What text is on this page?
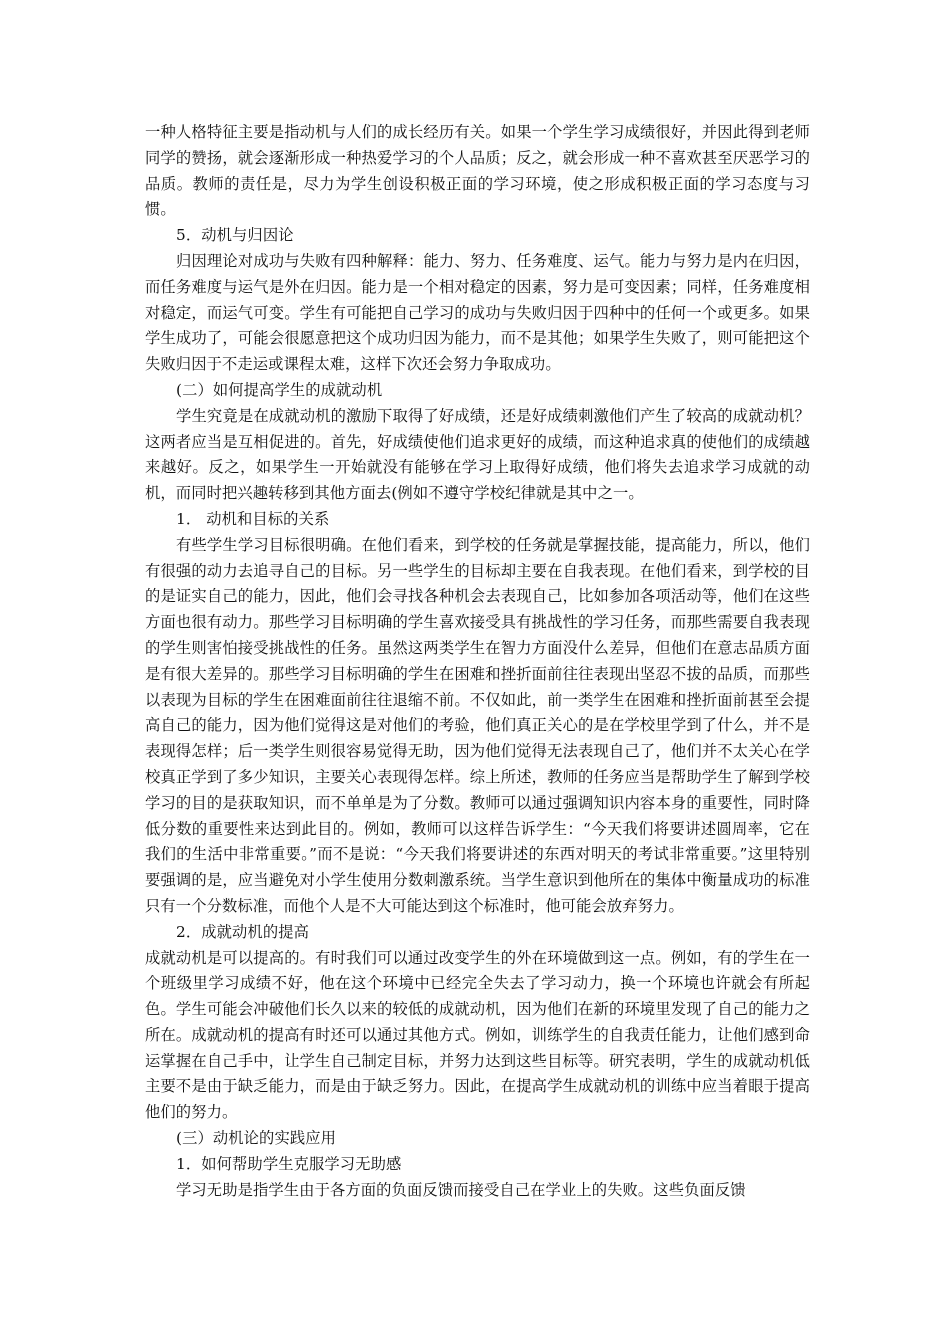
一种人格特征主要是指动机与人们的成长经历有关。如果一个学生学习成绩很好，并因此得到老师同学的赞扬，就会逐渐形成一种热爱学习的个人品质；反之，就会形成一种不喜欢甚至厌恶学习的品质。教师的责任是，尽力为学生创设积极正面的学习环境，使之形成积极正面的学习态度与习惯。

5．动机与归因论

归因理论对成功与失败有四种解释：能力、努力、任务难度、运气。能力与努力是内在归因，而任务难度与运气是外在归因。能力是一个相对稳定的因素，努力是可变因素；同样，任务难度相对稳定，而运气可变。学生有可能把自己学习的成功与失败归因于四种中的任何一个或更多。如果学生成功了，可能会很愿意把这个成功归因为能力，而不是其他；如果学生失败了，则可能把这个失败归因于不走运或课程太难，这样下次还会努力争取成功。

(二）如何提高学生的成就动机

学生究竟是在成就动机的激励下取得了好成绩，还是好成绩刺激他们产生了较高的成就动机？这两者应当是互相促进的。首先，好成绩使他们追求更好的成绩，而这种追求真的使他们的成绩越来越好。反之，如果学生一开始就没有能够在学习上取得好成绩，他们将失去追求学习成就的动机，而同时把兴趣转移到其他方面去(例如不遵守学校纪律就是其中之一。

1． 动机和目标的关系

有些学生学习目标很明确。在他们看来，到学校的任务就是掌握技能，提高能力，所以，他们有很强的动力去追寻自己的目标。另一些学生的目标却主要在自我表现。在他们看来，到学校的目的是证实自己的能力，因此，他们会寻找各种机会去表现自己，比如参加各项活动等，他们在这些方面也很有动力。那些学习目标明确的学生喜欢接受具有挑战性的学习任务，而那些需要自我表现的学生则害怕接受挑战性的任务。虽然这两类学生在智力方面没什么差异，但他们在意志品质方面是有很大差异的。那些学习目标明确的学生在困难和挫折面前往往表现出坚忍不拔的品质，而那些以表现为目标的学生在困难面前往往退缩不前。不仅如此，前一类学生在困难和挫折面前甚至会提高自己的能力，因为他们觉得这是对他们的考验，他们真正关心的是在学校里学到了什么，并不是表现得怎样；后一类学生则很容易觉得无助，因为他们觉得无法表现自己了，他们并不太关心在学校真正学到了多少知识，主要关心表现得怎样。综上所述，教师的任务应当是帮助学生了解到学校学习的目的是获取知识，而不单单是为了分数。教师可以通过强调知识内容本身的重要性，同时降低分数的重要性来达到此目的。例如，教师可以这样告诉学生：“今天我们将要讲述圆周率，它在我们的生活中非常重要。”而不是说：“今天我们将要讲述的东西对明天的考试非常重要。”这里特别要强调的是，应当避免对小学生使用分数刺激系统。当学生意识到他所在的集体中衡量成功的标准只有一个分数标准，而他个人是不大可能达到这个标准时，他可能会放弃努力。

2．成就动机的提高

成就动机是可以提高的。有时我们可以通过改变学生的外在环境做到这一点。例如，有的学生在一个班级里学习成绩不好，他在这个环境中已经完全失去了学习动力，换一个环境也许就会有所起色。学生可能会冲破他们长久以来的较低的成就动机，因为他们在新的环境里发现了自己的能力之所在。成就动机的提高有时还可以通过其他方式。例如，训练学生的自我责任能力，让他们感到命运掌握在自己手中，让学生自己制定目标，并努力达到这些目标等。研究表明，学生的成就动机低主要不是由于缺乏能力，而是由于缺乏努力。因此，在提高学生成就动机的训练中应当着眼于提高他们的努力。

(三）动机论的实践应用

1．如何帮助学生克服学习无助感

学习无助是指学生由于各方面的负面反馈而接受自己在学业上的失败。这些负面反馈
